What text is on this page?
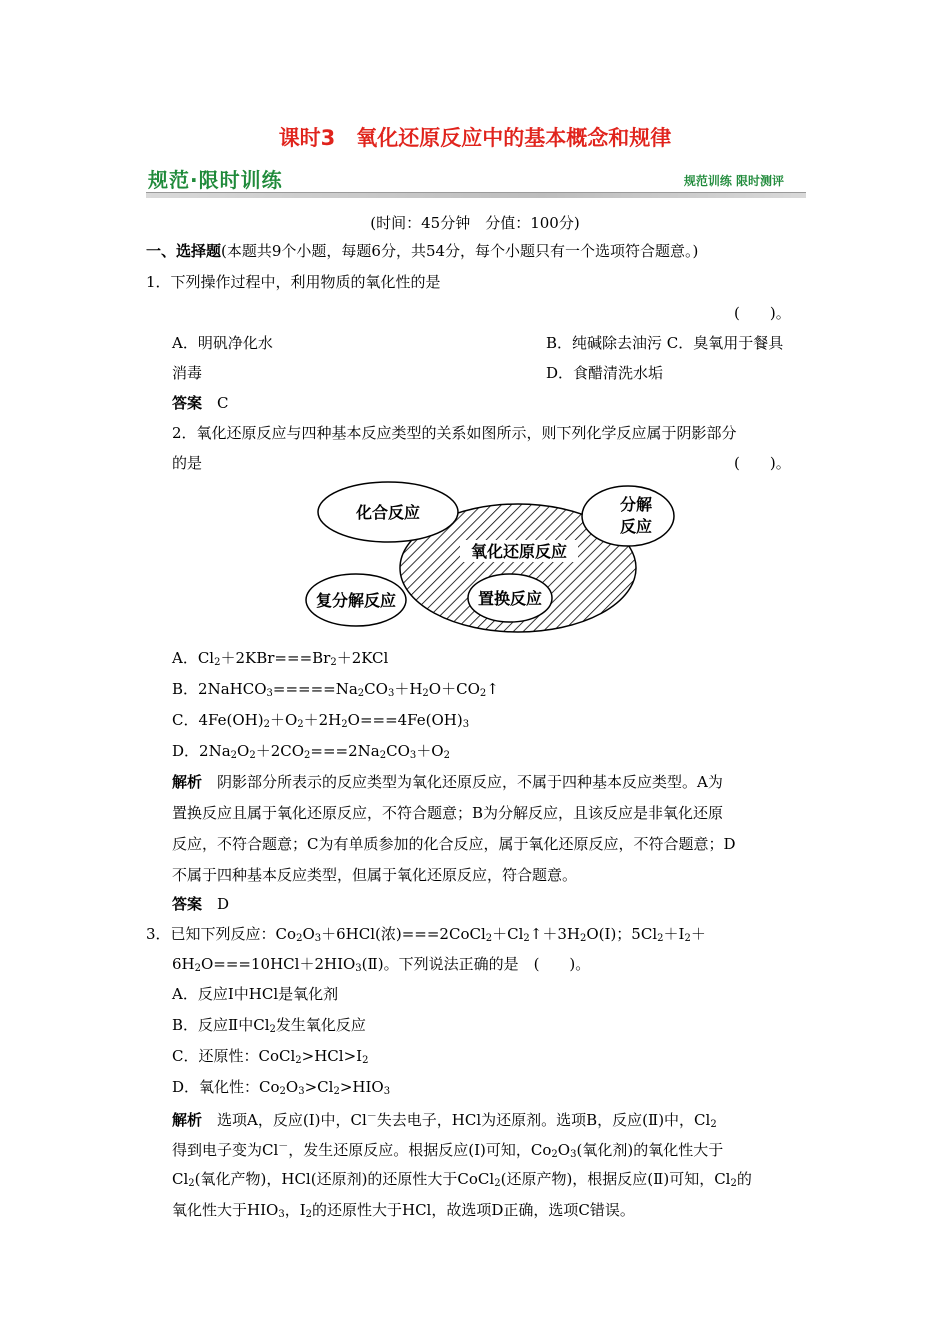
课时3　氧化还原反应中的基本概念和规律
规范·限时训练	规范训练 限时测评
(时间：45分钟　分值：100分)
一、选择题(本题共9个小题，每题6分，共54分，每个小题只有一个选项符合题意。)
1．下列操作过程中，利用物质的氧化性的是
(　　)。
A．明矾净化水	B．纯碱除去油污 C．臭氧用于餐具
消毒	D．食醋清洗水垢
答案　 C
2．氧化还原反应与四种基本反应类型的关系如图所示，则下列化学反应属于阴影部分
的是	(　　)。
化合反应	分解
反应
氧化还原反应
复分解反应	置换反应
A．$Cl_2+2KBr===Br_2+2KCl$
B．$2NaHCO_3=====Na_2CO_3+H_2O+CO_2↑$
C．$4Fe(OH)_2+O_2+2H_2O===4Fe(OH)_3$
D．$2Na_2O_2+2CO_2===2Na_2CO_3+O_2$
解析　 阴影部分所表示的反应类型为氧化还原反应，不属于四种基本反应类型。A为
置换反应且属于氧化还原反应，不符合题意；B为分解反应，且该反应是非氧化还原
反应，不符合题意；C为有单质参加的化合反应，属于氧化还原反应，不符合题意；D
不属于四种基本反应类型，但属于氧化还原反应，符合题意。
答案　 D
3．已知下列反应：$Co_2O_3+6HCl$(浓)$===2CoCl_2+Cl_2↑+3H_2O(Ⅰ)$；$5Cl_2+I_2+$
$6H_2O===10HCl+2HIO_3(Ⅱ)$。下列说法正确的是　(　　)。
A．反应Ⅰ中HCl是氧化剂
B．反应Ⅱ中$Cl_2$发生氧化反应
C．还原性：$CoCl_2>HCl>I_2$
D．氧化性：$Co_2O_3>Cl_2>HIO_3$
解析　选项A，反应(Ⅰ)中，Cl－失去电子，HCl为还原剂。选项B，反应(Ⅱ)中，$Cl_2$
得到电子变为Cl－，发生还原反应。根据反应(Ⅰ)可知，$Co_2O_3$(氧化剂)的氧化性大于
$Cl_2$(氧化产物)，HCl(还原剂)的还原性大于CoCl$_2$(还原产物)，根据反应(Ⅱ)可知，$Cl_2$的
氧化性大于$HIO_3$，$I_2$的还原性大于HCl，故选项D正确，选项C错误。
